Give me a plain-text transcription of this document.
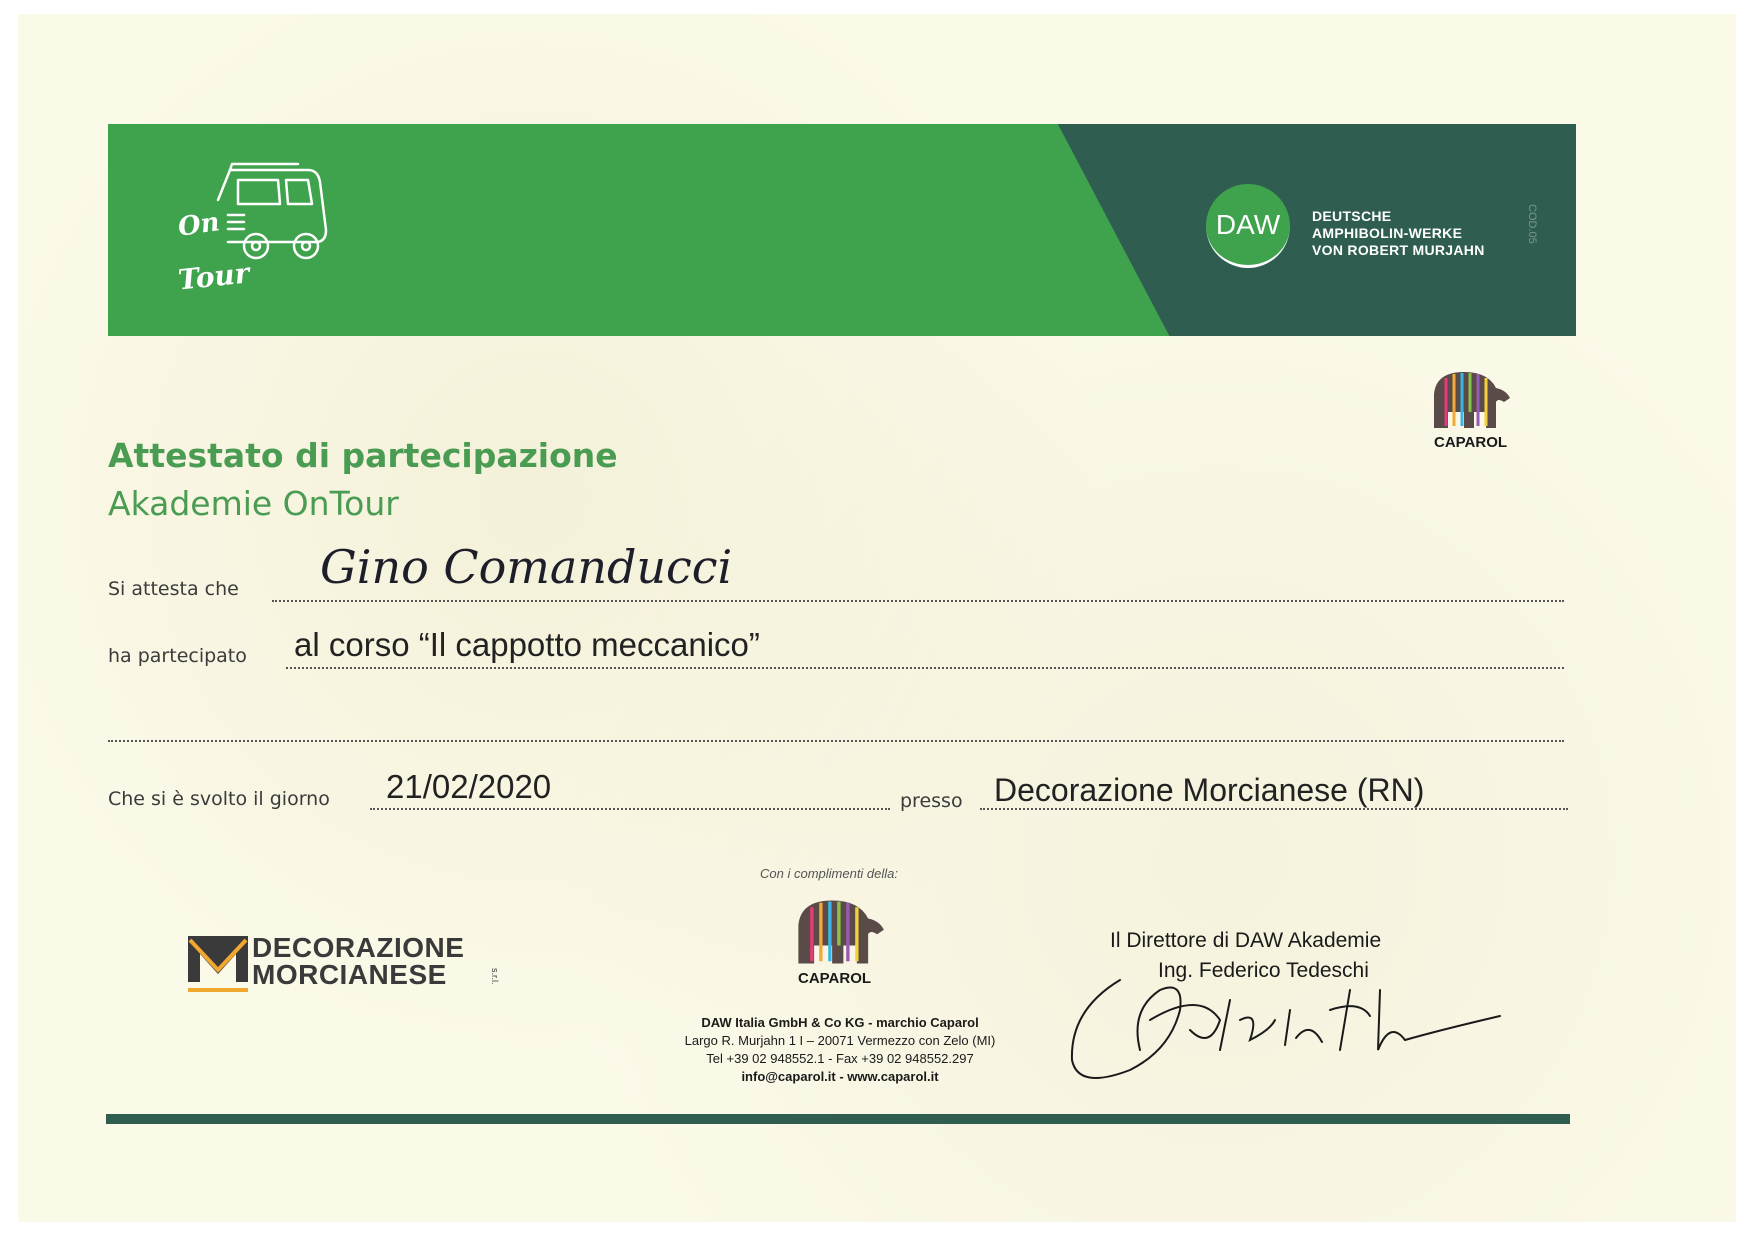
On
Tour
DAW	DEUTSCHE
AMPHIBOLIN-WERKE
VON ROBERT MURJAHN
COD.05
CAPAROL
Attestato di partecipazione
Akademie OnTour
Si attesta che Gino Comanducci
ha partecipato al corso “Il cappotto meccanico”
Che si è svolto il giorno 21/02/2020	presso Decorazione Morcianese (RN)
DECORAZIONE
MORCIANESE	s.r.l.
Con i complimenti della:
CAPAROL
DAW Italia GmbH & Co KG - marchio Caparol
Largo R. Murjahn 1 I – 20071 Vermezzo con Zelo (MI)
Tel +39 02 948552.1 - Fax +39 02 948552.297
info@caparol.it - www.caparol.it
Il Direttore di DAW Akademie
Ing. Federico Tedeschi
